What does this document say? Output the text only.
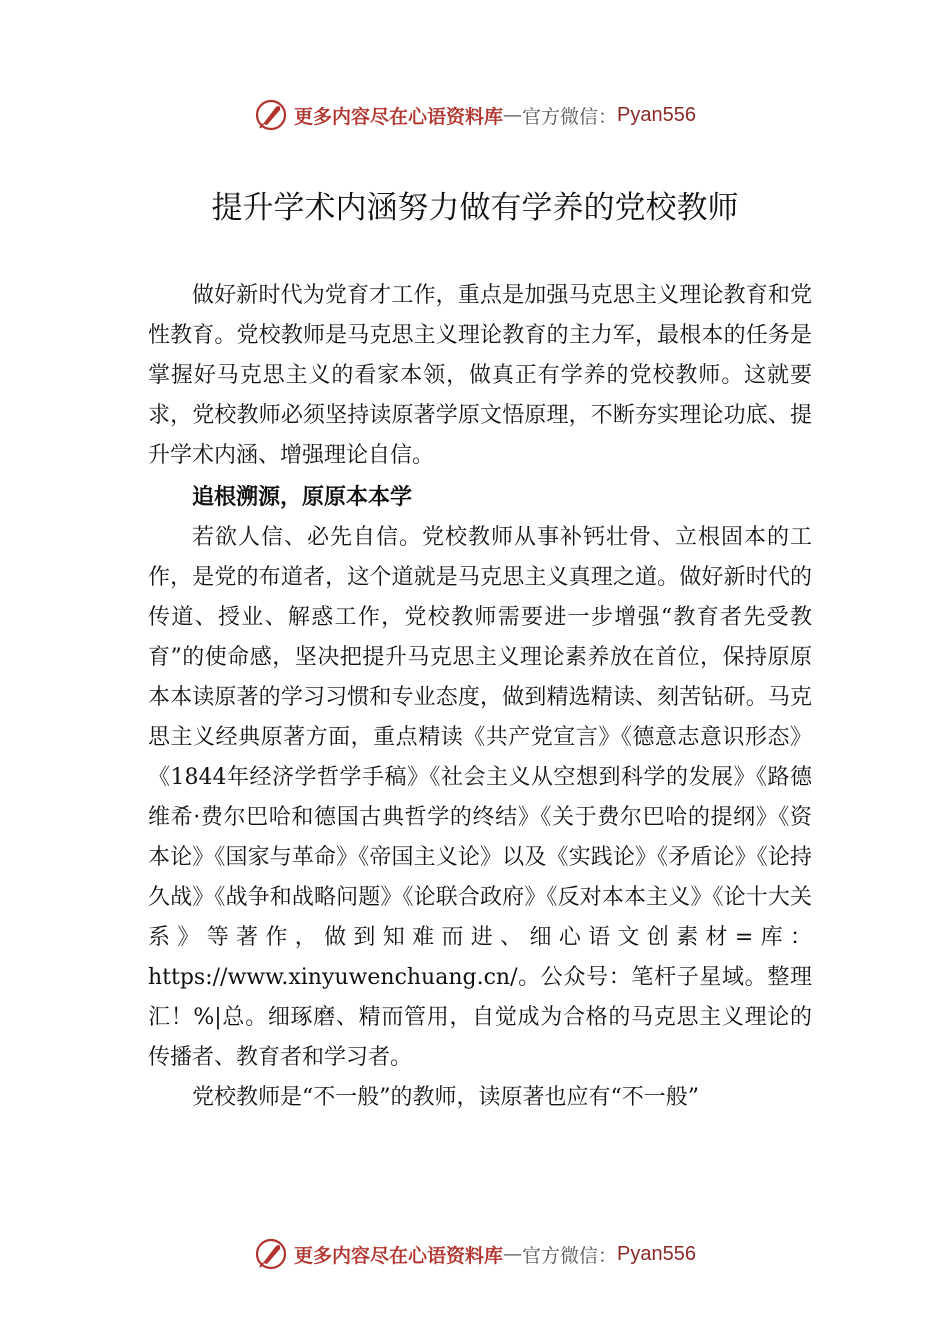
更多内容尽在心语资料库 — 官方微信： Pyan556
提升学术内涵努力做有学养的党校教师

做好新时代为党育才工作，重点是加强马克思主义理论教育和党性教育。党校教师是马克思主义理论教育的主力军，最根本的任务是掌握好马克思主义的看家本领，做真正有学养的党校教师。这就要求，党校教师必须坚持读原著学原文悟原理，不断夯实理论功底、提升学术内涵、增强理论自信。

追根溯源，原原本本学

若欲人信、必先自信。党校教师从事补钙壮骨、立根固本的工作，是党的布道者，这个道就是马克思主义真理之道。做好新时代的传道、授业、解惑工作，党校教师需要进一步增强“教育者先受教育”的使命感，坚决把提升马克思主义理论素养放在首位，保持原原本本读原著的学习习惯和专业态度，做到精选精读、刻苦钻研。马克思主义经典原著方面，重点精读《共产党宣言》《德意志意识形态》《1844年经济学哲学手稿》《社会主义从空想到科学的发展》《路德维希·费尔巴哈和德国古典哲学的终结》《关于费尔巴哈的提纲》《资本论》《国家与革命》《帝国主义论》以及《实践论》《矛盾论》《论持久战》《战争和战略问题》《论联合政府》《反对本本主义》《论十大关系》等著作，做到知难而进、细心语文创素材=库：https://www.xinyuwenchuang.cn/。公众号：笔杆子星域。整理汇！%|总。细琢磨、精而管用，自觉成为合格的马克思主义理论的传播者、教育者和学习者。

党校教师是“不一般”的教师，读原著也应有“不一般”

更多内容尽在心语资料库 — 官方微信： Pyan556
